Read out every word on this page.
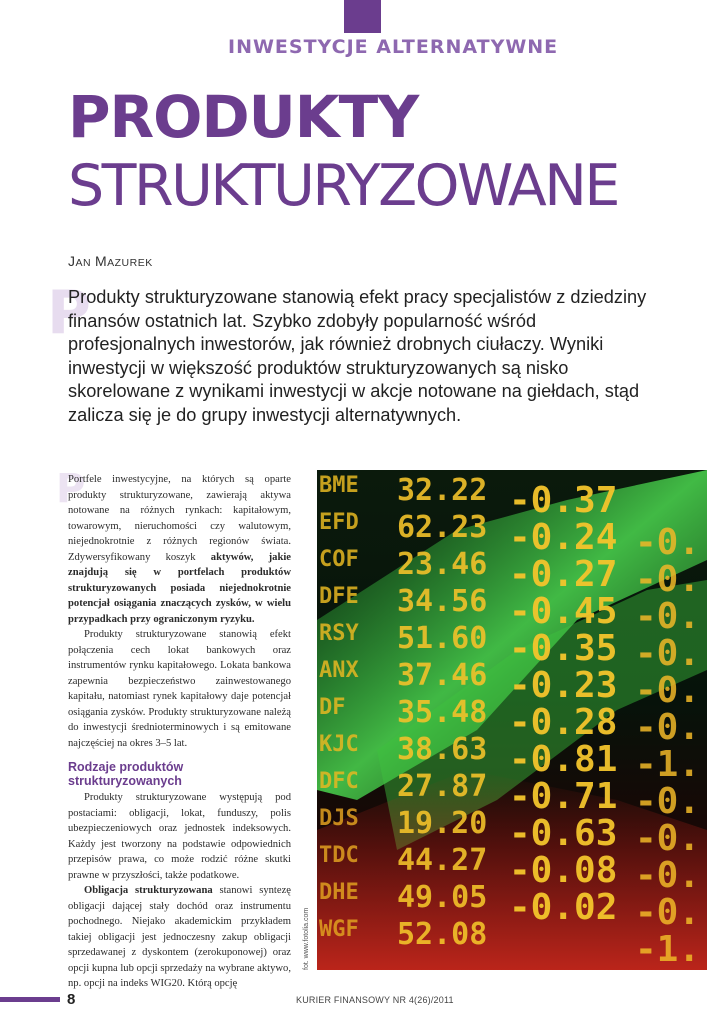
INWESTYCJE ALTERNATYWNE
PRODUKTY
STRUKTURYZOWANE
JAN MAZUREK
P
Produkty strukturyzowane stanowią efekt pracy specjalistów z dziedziny finansów ostatnich lat. Szybko zdobyły popularność wśród profesjonalnych inwestorów, jak również drobnych ciułaczy. Wyniki inwestycji w większość produktów strukturyzowanych są nisko skorelowane z wynikami inwestycji w akcje notowane na giełdach, stąd zalicza się je do grupy inwestycji alternatywnych.
P

Portfele inwestycyjne, na których są oparte produkty strukturyzowane, zawierają aktywa notowane na różnych rynkach: kapitałowym, towarowym, nieruchomości czy walutowym, niejednokrotnie z różnych regionów świata. Zdywersyfikowany koszyk aktywów, jakie znajdują się w portfelach produktów strukturyzowanych posiada niejednokrotnie potencjał osiągania znaczących zysków, w wielu przypadkach przy ograniczonym ryzyku.

Produkty strukturyzowane stanowią efekt połączenia cech lokat bankowych oraz instrumentów rynku kapitałowego. Lokata bankowa zapewnia bezpieczeństwo zainwestowanego kapitału, natomiast rynek kapitałowy daje potencjał osiągania zysków. Produkty strukturyzowane należą do inwestycji średnioterminowych i są emitowane najczęściej na okres 3–5 lat.

Rodzaje produktów strukturyzowanych

Produkty strukturyzowane występują pod postaciami: obligacji, lokat, funduszy, polis ubezpieczeniowych oraz jednostek indeksowych. Każdy jest tworzony na podstawie odpowiednich przepisów prawa, co może rodzić różne skutki prawne w przyszłości, także podatkowe.

Obligacja strukturyzowana stanowi syntezę obligacji dającej stały dochód oraz instrumentu pochodnego. Niejako akademickim przykładem takiej obligacji jest jednoczesny zakup obligacji sprzedawanej z dyskontem (zerokuponowej) oraz opcji kupna lub opcji sprzedaży na wybrane aktywo, np. opcji na indeks WIG20. Którą opcję

BME
EFD
COF
DFE
RSY
ANX
DF
KJC
DFC
DJS
TDC
DHE
WGF
32.22
62.23
23.46
34.56
51.60
37.46
35.48
38.63
27.87
19.20
44.27
49.05
52.08
-0.37
-0.24
-0.27
-0.45
-0.35
-0.23
-0.28
-0.81
-0.71
-0.63
-0.08
-0.02
-0.
-0.
-0.
-0.
-0.
-0.
-1.
-0.
-0.
-0.
-0.
-1.
fot. www.fotolia.com
8	KURIER FINANSOWY NR 4(26)/2011
